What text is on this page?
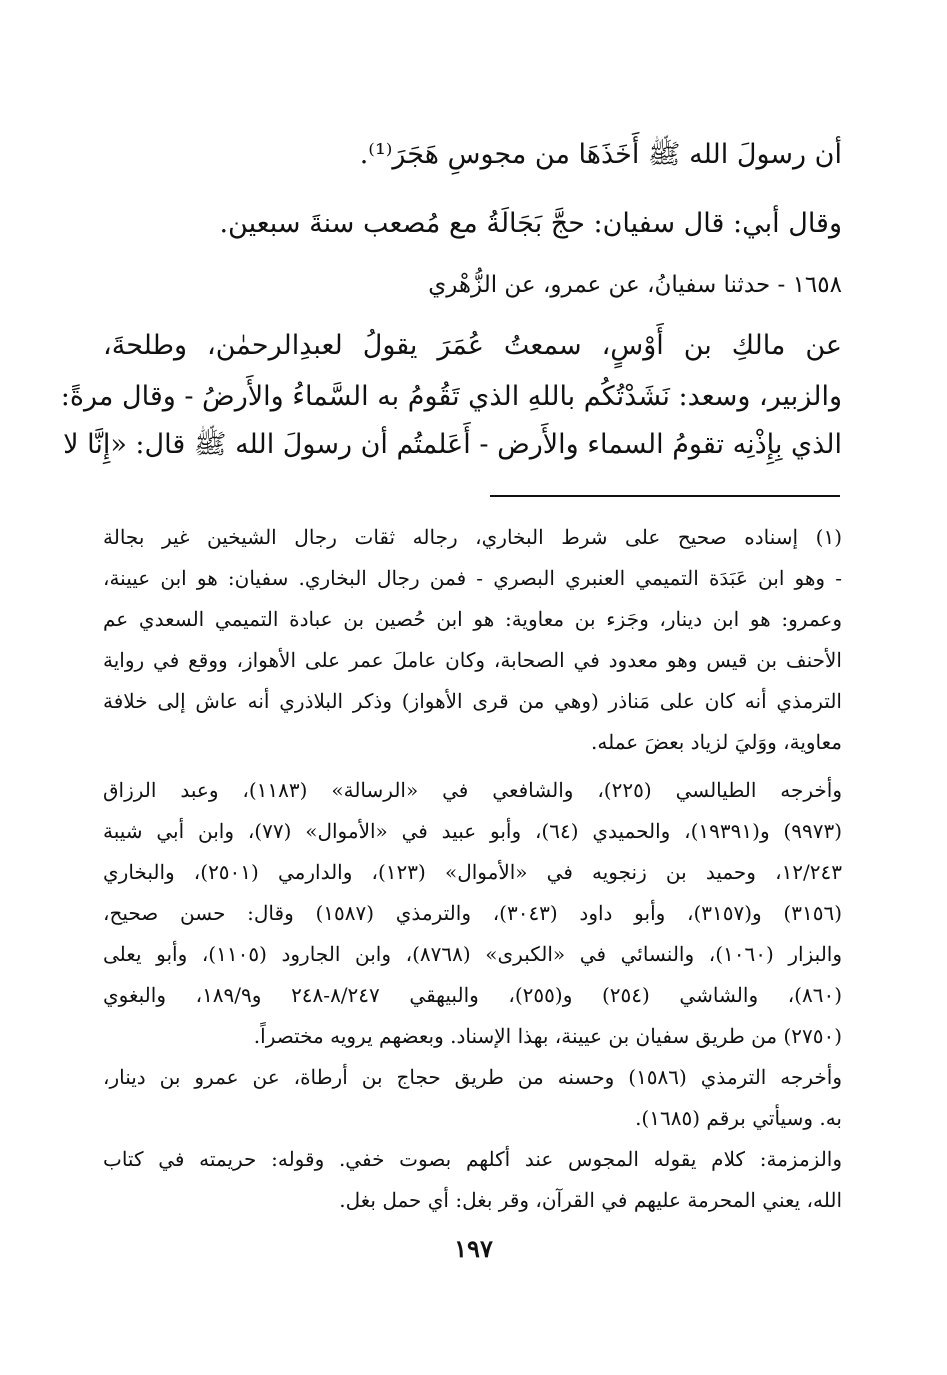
أن رسولَ الله ﷺ أَخَذَهَا من مجوسِ هَجَرَ⁽¹⁾.
وقال أبي: قال سفيان: حجَّ بَجَالَةُ مع مُصعب سنةَ سبعين.
١٦٥٨ - حدثنا سفيانُ، عن عمرو، عن الزُّهْري
عن مالكِ بن أَوْسٍ، سمعتُ عُمَرَ يقولُ لعبدِالرحمٰن، وطلحةَ،
والزبير، وسعد: نَشَدْتُكُم باللهِ الذي تَقُومُ به السَّماءُ والأَرضُ - وقال مرةً:
الذي بِإِذْنِه تقومُ السماء والأَرض - أَعَلمتُم أن رسولَ الله ﷺ قال: «إِنَّا لا
(١) إسناده صحيح على شرط البخاري، رجاله ثقات رجال الشيخين غير بجالة
- وهو ابن عَبَدَة التميمي العنبري البصري - فمن رجال البخاري. سفيان: هو ابن عيينة،
وعمرو: هو ابن دينار، وجَزء بن معاوية: هو ابن حُصين بن عبادة التميمي السعدي عم
الأحنف بن قيس وهو معدود في الصحابة، وكان عاملَ عمر على الأهواز، ووقع في رواية
الترمذي أنه كان على مَناذر (وهي من قرى الأهواز) وذكر البلاذري أنه عاش إلى خلافة
معاوية، ووَليَ لزياد بعضَ عمله.
وأخرجه الطيالسي (٢٢٥)، والشافعي في «الرسالة» (١١٨٣)، وعبد الرزاق
(٩٩٧٣) و(١٩٣٩١)، والحميدي (٦٤)، وأبو عبيد في «الأموال» (٧٧)، وابن أبي شيبة
١٢/٢٤٣، وحميد بن زنجويه في «الأموال» (١٢٣)، والدارمي (٢٥٠١)، والبخاري
(٣١٥٦) و(٣١٥٧)، وأبو داود (٣٠٤٣)، والترمذي (١٥٨٧) وقال: حسن صحيح،
والبزار (١٠٦٠)، والنسائي في «الكبرى» (٨٧٦٨)، وابن الجارود (١١٠٥)، وأبو يعلى
(٨٦٠)، والشاشي (٢٥٤) و(٢٥٥)، والبيهقي ٨/٢٤٧-٢٤٨ و١٨٩/٩، والبغوي
(٢٧٥٠) من طريق سفيان بن عيينة، بهذا الإسناد. وبعضهم يرويه مختصراً.
وأخرجه الترمذي (١٥٨٦) وحسنه من طريق حجاج بن أرطاة، عن عمرو بن دينار،
به. وسيأتي برقم (١٦٨٥).
والزمزمة: كلام يقوله المجوس عند أكلهم بصوت خفي. وقوله: حريمته في كتاب
الله، يعني المحرمة عليهم في القرآن، وقر بغل: أي حمل بغل.
١٩٧
